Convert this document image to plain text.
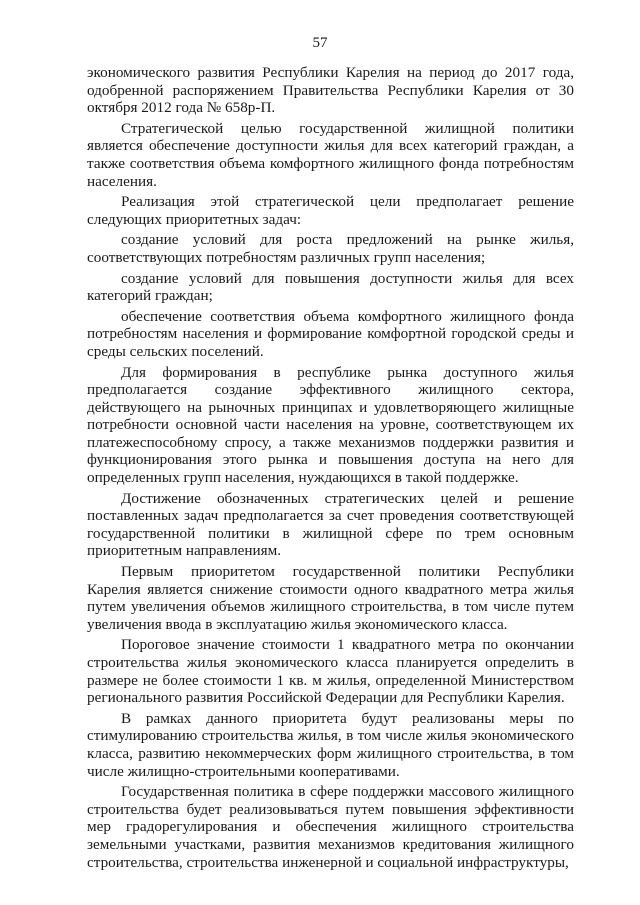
57

экономического развития Республики Карелия на период до 2017 года, одобренной распоряжением Правительства Республики Карелия от 30 октября 2012 года № 658р-П.

Стратегической целью государственной жилищной политики является обеспечение доступности жилья для всех категорий граждан, а также соответствия объема комфортного жилищного фонда потребностям населения.

Реализация этой стратегической цели предполагает решение следующих приоритетных задач:

создание условий для роста предложений на рынке жилья, соответствующих потребностям различных групп населения;

создание условий для повышения доступности жилья для всех категорий граждан;

обеспечение соответствия объема комфортного жилищного фонда потребностям населения и формирование комфортной городской среды и среды сельских поселений.

Для формирования в республике рынка доступного жилья предполагается создание эффективного жилищного сектора, действующего на рыночных принципах и удовлетворяющего жилищные потребности основной части населения на уровне, соответствующем их платежеспособному спросу, а также механизмов поддержки развития и функционирования этого рынка и повышения доступа на него для определенных групп населения, нуждающихся в такой поддержке.

Достижение обозначенных стратегических целей и решение поставленных задач предполагается за счет проведения соответствующей государственной политики в жилищной сфере по трем основным приоритетным направлениям.

Первым приоритетом государственной политики Республики Карелия является снижение стоимости одного квадратного метра жилья путем увеличения объемов жилищного строительства, в том числе путем увеличения ввода в эксплуатацию жилья экономического класса.

Пороговое значение стоимости 1 квадратного метра по окончании строительства жилья экономического класса планируется определить в размере не более стоимости 1 кв. м жилья, определенной Министерством регионального развития Российской Федерации для Республики Карелия.

В рамках данного приоритета будут реализованы меры по стимулированию строительства жилья, в том числе жилья экономического класса, развитию некоммерческих форм жилищного строительства, в том числе жилищно-строительными кооперативами.

Государственная политика в сфере поддержки массового жилищного строительства будет реализовываться путем повышения эффективности мер градорегулирования и обеспечения жилищного строительства земельными участками, развития механизмов кредитования жилищного строительства, строительства инженерной и социальной инфраструктуры,
